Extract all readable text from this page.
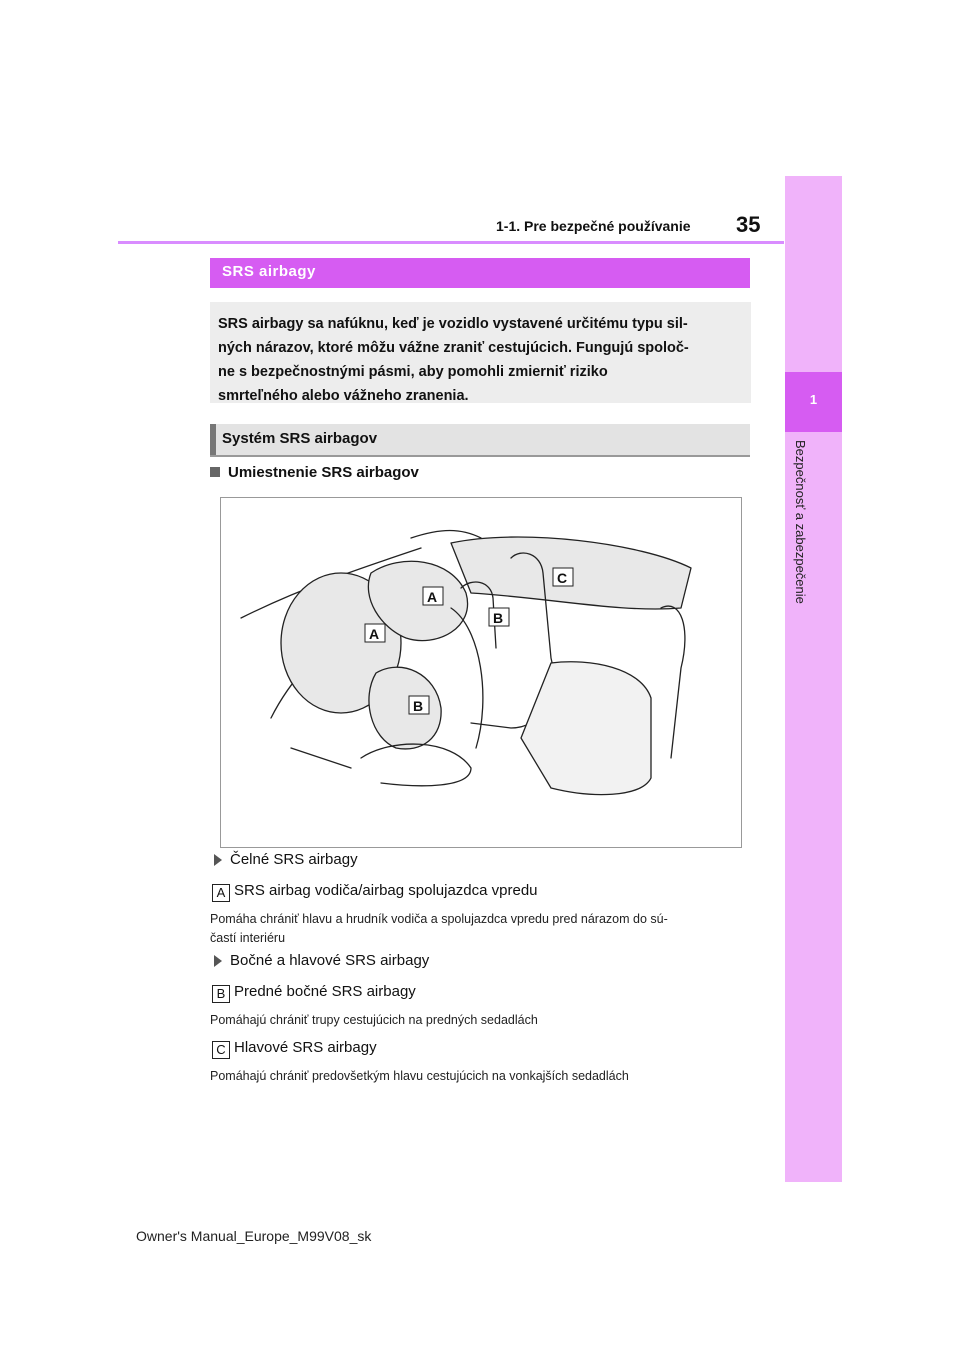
35
1-1. Pre bezpečné používanie
1
Bezpečnosť a zabezpečenie
SRS airbagy
SRS airbagy sa nafúknu, keď je vozidlo vystavené určitému typu sil-
ných nárazov, ktoré môžu vážne zraniť cestujúcich. Fungujú spoloč-
ne s bezpečnostnými pásmi, aby pomohli zmierniť riziko
smrteľného alebo vážneho zranenia.
Systém SRS airbagov
Umiestnenie SRS airbagov
A
A
B
B
C
Čelné SRS airbagy
A SRS airbag vodiča/airbag spolujazdca vpredu
Pomáha chrániť hlavu a hrudník vodiča a spolujazdca vpredu pred nárazom do sú-
častí interiéru
Bočné a hlavové SRS airbagy
B Predné bočné SRS airbagy
Pomáhajú chrániť trupy cestujúcich na predných sedadlách
C Hlavové SRS airbagy
Pomáhajú chrániť predovšetkým hlavu cestujúcich na vonkajších sedadlách
Owner's Manual_Europe_M99V08_sk
